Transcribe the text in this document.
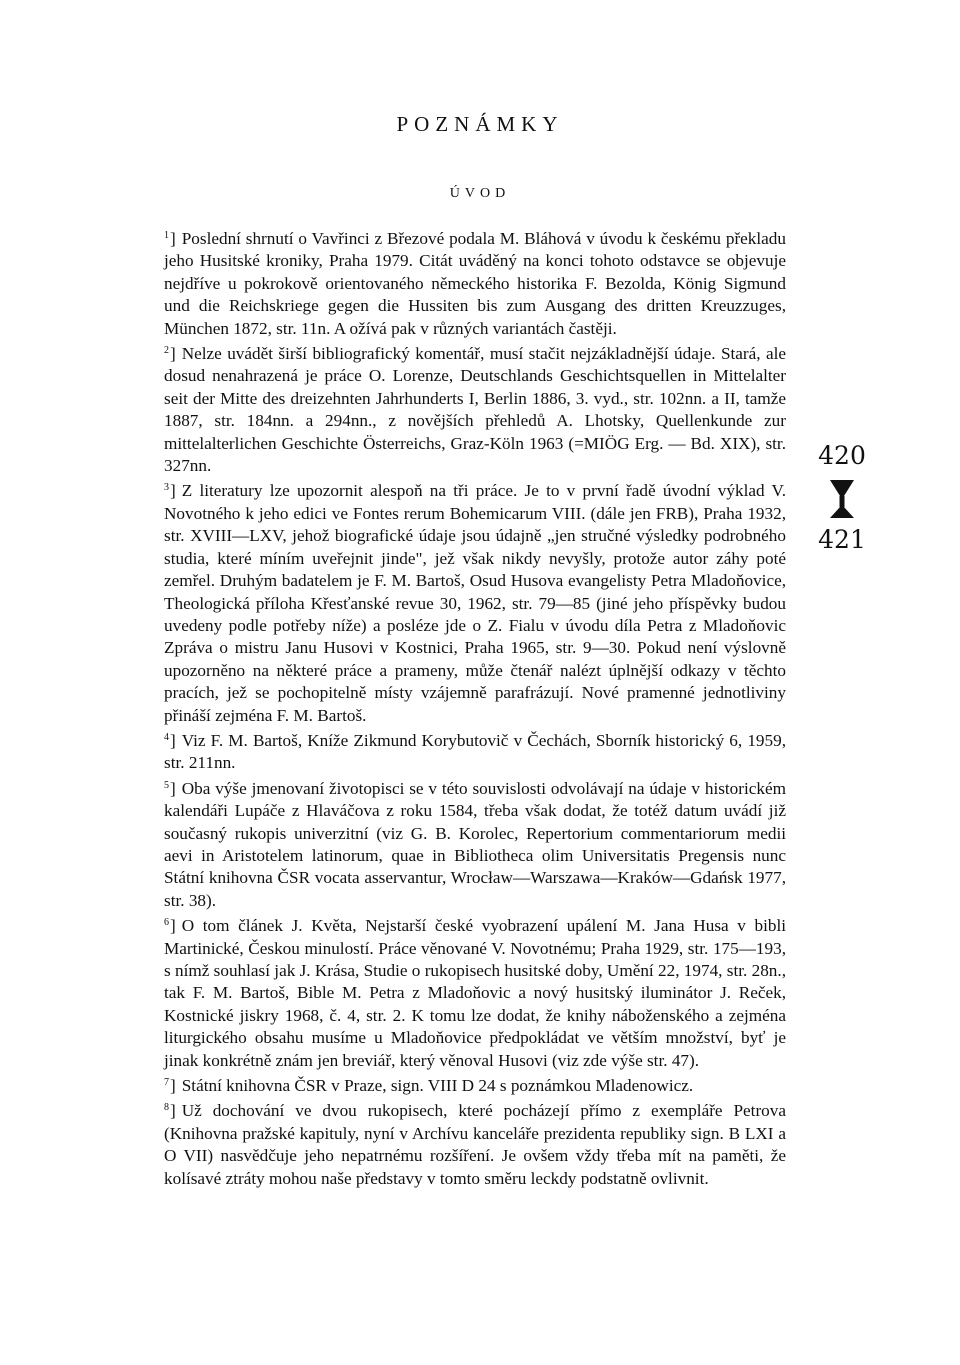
POZNÁMKY
ÚVOD

$^1$] Poslední shrnutí o Vavřinci z Březové podala M. Bláhová v úvodu k českému překladu jeho Husitské kroniky, Praha 1979. Citát uváděný na konci tohoto odstavce se objevuje nejdříve u pokrokově orientovaného německého historika F. Bezolda, König Sigmund und die Reichskriege gegen die Hussiten bis zum Ausgang des dritten Kreuzzuges, München 1872, str. 11n. A ožívá pak v různých variantách častěji.

$^2$] Nelze uvádět širší bibliografický komentář, musí stačit nejzákladnější údaje. Stará, ale dosud nenahrazená je práce O. Lorenze, Deutschlands Geschichtsquellen in Mittelalter seit der Mitte des dreizehnten Jahrhunderts I, Berlin 1886, 3. vyd., str. 102nn. a II, tamže 1887, str. 184nn. a 294nn., z novějších přehledů A. Lhotsky, Quellenkunde zur mittelalterlichen Geschichte Österreichs, Graz-Köln 1963 (=MIÖG Erg. — Bd. XIX), str. 327nn.

$^3$] Z literatury lze upozornit alespoň na tři práce. Je to v první řadě úvodní výklad V. Novotného k jeho edici ve Fontes rerum Bohemicarum VIII. (dále jen FRB), Praha 1932, str. XVIII—LXV, jehož biografické údaje jsou údajně „jen stručné výsledky podrobného studia, které míním uveřejnit jinde", jež však nikdy nevyšly, protože autor záhy poté zemřel. Druhým badatelem je F. M. Bartoš, Osud Husova evangelisty Petra Mladoňovice, Theologická příloha Křesťanské revue 30, 1962, str. 79—85 (jiné jeho příspěvky budou uvedeny podle potřeby níže) a posléze jde o Z. Fialu v úvodu díla Petra z Mladoňovic Zpráva o mistru Janu Husovi v Kostnici, Praha 1965, str. 9—30. Pokud není výslovně upozorněno na některé práce a prameny, může čtenář nalézt úplnější odkazy v těchto pracích, jež se pochopitelně místy vzájemně parafrázují. Nové pramenné jednotliviny přináší zejména F. M. Bartoš.

$^4$] Viz F. M. Bartoš, Kníže Zikmund Korybutovič v Čechách, Sborník historický 6, 1959, str. 211nn.

$^5$] Oba výše jmenovaní životopisci se v této souvislosti odvolávají na údaje v historickém kalendáři Lupáče z Hlaváčova z roku 1584, třeba však dodat, že totéž datum uvádí již současný rukopis univerzitní (viz G. B. Korolec, Repertorium commentariorum medii aevi in Aristotelem latinorum, quae in Bibliotheca olim Universitatis Pregensis nunc Státní knihovna ČSR vocata asservantur, Wrocław—Warszawa—Kraków—Gdańsk 1977, str. 38).

$^6$] O tom článek J. Květa, Nejstarší české vyobrazení upálení M. Jana Husa v bibli Martinické, Českou minulostí. Práce věnované V. Novotnému; Praha 1929, str. 175—193, s nímž souhlasí jak J. Krása, Studie o rukopisech husitské doby, Umění 22, 1974, str. 28n., tak F. M. Bartoš, Bible M. Petra z Mladoňovic a nový husitský iluminátor J. Reček, Kostnické jiskry 1968, č. 4, str. 2. K tomu lze dodat, že knihy náboženského a zejména liturgického obsahu musíme u Mladoňovice předpokládat ve větším množství, byť je jinak konkrétně znám jen breviář, který věnoval Husovi (viz zde výše str. 47).

$^7$] Státní knihovna ČSR v Praze, sign. VIII D 24 s poznámkou Mladenowicz.

$^8$] Už dochování ve dvou rukopisech, které pocházejí přímo z exempláře Petrova (Knihovna pražské kapituly, nyní v Archívu kanceláře prezidenta republiky sign. B LXI a O VII) nasvědčuje jeho nepatrnému rozšíření. Je ovšem vždy třeba mít na paměti, že kolísavé ztráty mohou naše představy v tomto směru leckdy podstatně ovlivnit.

420
421
